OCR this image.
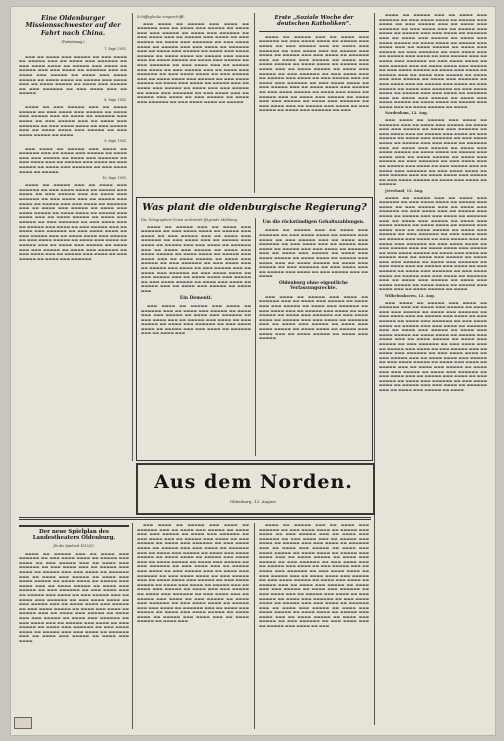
Eine Oldenburger Missionsschwester auf der Fahrt nach China.
(Fortsetzung.)
7. Sept. 1931.

▬▬▬ ▬▬ ▬▬▬▬ ▬▬▬ ▬▬▬▬▬ ▬▬ ▬▬▬ ▬▬▬▬ ▬▬ ▬▬▬▬▬ ▬▬▬ ▬▬ ▬▬▬▬ ▬▬▬ ▬▬▬▬▬▬ ▬▬ ▬▬▬ ▬▬▬▬ ▬▬▬▬ ▬▬ ▬▬▬▬▬ ▬▬▬ ▬▬▬▬ ▬▬ ▬▬▬▬▬ ▬▬▬ ▬▬▬ ▬▬▬▬ ▬▬ ▬▬▬▬▬▬ ▬▬▬ ▬▬ ▬▬▬▬ ▬▬▬ ▬▬▬▬▬ ▬▬ ▬▬▬▬ ▬▬▬ ▬▬▬▬ ▬▬▬▬▬ ▬▬ ▬▬▬▬ ▬▬▬▬ ▬▬ ▬▬▬▬▬ ▬▬▬ ▬▬▬▬ ▬▬▬ ▬▬ ▬▬▬▬ ▬▬▬▬▬ ▬▬ ▬▬▬▬ ▬▬▬ ▬▬▬▬▬ ▬▬ ▬▬▬ ▬▬▬▬▬▬ ▬▬ ▬▬▬ ▬▬▬▬ ▬▬▬ ▬▬ ▬▬▬▬▬

8. Sept. 1931.

▬▬▬▬ ▬▬ ▬▬▬ ▬▬▬▬▬ ▬▬▬ ▬▬ ▬▬▬▬ ▬▬▬▬▬ ▬▬ ▬▬▬ ▬▬▬▬ ▬▬▬ ▬▬▬▬▬ ▬▬ ▬▬▬▬ ▬▬▬ ▬▬▬▬▬ ▬▬▬ ▬▬ ▬▬▬▬ ▬▬ ▬▬▬▬▬▬ ▬▬▬ ▬▬▬▬ ▬▬ ▬▬▬ ▬▬▬▬▬ ▬▬▬ ▬▬ ▬▬▬▬ ▬▬▬ ▬▬▬▬▬▬ ▬▬ ▬▬▬ ▬▬▬▬ ▬▬▬▬ ▬▬ ▬▬▬ ▬▬▬▬▬ ▬▬▬ ▬▬ ▬▬▬▬ ▬▬▬▬ ▬▬▬ ▬▬▬▬▬ ▬▬ ▬▬▬ ▬▬▬▬ ▬▬▬▬▬ ▬▬ ▬▬▬▬

9. Sept. 1931.

▬▬▬ ▬▬▬▬ ▬▬ ▬▬▬▬▬ ▬▬▬ ▬▬▬▬ ▬▬ ▬▬▬▬▬▬ ▬▬▬ ▬▬ ▬▬▬▬ ▬▬▬ ▬▬▬▬▬ ▬▬ ▬▬▬▬ ▬▬▬ ▬▬▬ ▬▬▬▬▬ ▬▬ ▬▬▬▬ ▬▬▬ ▬▬▬▬▬▬ ▬▬ ▬▬▬ ▬▬▬▬ ▬▬▬ ▬▬ ▬▬▬▬▬ ▬▬▬ ▬▬▬▬ ▬▬ ▬▬▬ ▬▬▬▬▬ ▬▬ ▬▬▬▬ ▬▬▬ ▬▬▬▬▬▬ ▬▬ ▬▬▬ ▬▬▬▬ ▬▬▬▬ ▬▬ ▬▬▬▬▬

10. Sept. 1931.

▬▬▬▬ ▬▬ ▬▬▬▬▬ ▬▬▬ ▬▬ ▬▬▬▬ ▬▬▬ ▬▬▬▬▬▬ ▬▬ ▬▬▬ ▬▬▬▬ ▬▬▬▬ ▬▬ ▬▬▬▬▬ ▬▬▬ ▬▬▬▬ ▬▬ ▬▬▬ ▬▬▬▬▬ ▬▬▬ ▬▬ ▬▬▬▬ ▬▬▬ ▬▬▬▬▬▬ ▬▬ ▬▬▬ ▬▬▬▬ ▬▬▬ ▬▬ ▬▬▬▬▬ ▬▬▬ ▬▬▬▬ ▬▬ ▬▬▬▬▬ ▬▬▬ ▬▬▬ ▬▬▬▬ ▬▬ ▬▬▬▬▬▬ ▬▬▬ ▬▬ ▬▬▬▬ ▬▬▬ ▬▬▬▬▬ ▬▬ ▬▬▬▬ ▬▬▬ ▬▬▬▬ ▬▬▬▬▬ ▬▬ ▬▬▬▬ ▬▬▬▬ ▬▬ ▬▬▬▬▬ ▬▬▬ ▬▬▬▬ ▬▬▬ ▬▬ ▬▬▬▬ ▬▬▬▬▬ ▬▬ ▬▬▬▬ ▬▬▬ ▬▬▬▬▬ ▬▬ ▬▬▬ ▬▬▬▬▬▬ ▬▬ ▬▬▬ ▬▬▬▬ ▬▬▬ ▬▬ ▬▬▬▬▬ ▬▬▬ ▬▬▬▬ ▬▬ ▬▬▬ ▬▬▬▬▬ ▬▬▬ ▬▬ ▬▬▬▬ ▬▬▬ ▬▬▬▬▬▬ ▬▬ ▬▬▬ ▬▬▬▬ ▬▬▬▬ ▬▬ ▬▬▬ ▬▬▬▬▬ ▬▬▬ ▬▬ ▬▬▬▬ ▬▬▬▬ ▬▬▬ ▬▬▬▬▬ ▬▬ ▬▬▬ ▬▬▬▬ ▬▬▬▬▬ ▬▬ ▬▬▬▬ ▬▬▬ ▬▬▬▬ ▬▬ ▬▬▬▬▬ ▬▬▬ ▬▬ ▬▬▬▬ ▬▬▬ ▬▬▬▬▬ ▬▬ ▬▬▬▬ ▬▬▬ ▬▬▬ ▬▬▬▬▬ ▬▬ ▬▬▬▬ ▬▬▬ ▬▬▬▬▬▬ ▬▬ ▬▬▬ ▬▬▬▬ ▬▬▬ ▬▬ ▬▬▬▬▬ ▬▬▬ ▬▬▬▬ ▬▬ ▬▬▬ ▬▬▬▬▬ ▬▬ ▬▬▬▬ ▬▬▬ ▬▬▬▬▬▬

Schiffsglocke eingeschifft.

▬▬▬ ▬▬▬▬ ▬▬ ▬▬▬▬▬ ▬▬▬ ▬▬▬▬ ▬▬ ▬▬▬▬▬▬ ▬▬▬ ▬▬ ▬▬▬▬ ▬▬▬ ▬▬▬▬▬ ▬▬ ▬▬▬▬ ▬▬▬ ▬▬▬ ▬▬▬▬▬ ▬▬ ▬▬▬▬ ▬▬▬ ▬▬▬▬▬▬ ▬▬ ▬▬▬ ▬▬▬▬ ▬▬▬ ▬▬ ▬▬▬▬▬ ▬▬▬ ▬▬▬▬ ▬▬ ▬▬▬ ▬▬▬▬▬ ▬▬ ▬▬▬▬ ▬▬▬ ▬▬▬▬▬▬ ▬▬ ▬▬▬ ▬▬▬▬ ▬▬▬▬ ▬▬ ▬▬▬▬▬ ▬▬▬ ▬▬▬ ▬▬▬▬ ▬▬ ▬▬▬▬▬▬ ▬▬▬ ▬▬ ▬▬▬▬ ▬▬▬ ▬▬▬▬▬ ▬▬ ▬▬▬▬ ▬▬▬ ▬▬▬▬ ▬▬▬▬▬ ▬▬ ▬▬▬▬ ▬▬▬▬ ▬▬ ▬▬▬▬▬ ▬▬▬ ▬▬▬▬ ▬▬▬ ▬▬ ▬▬▬▬ ▬▬▬▬▬ ▬▬ ▬▬▬▬ ▬▬▬ ▬▬▬▬▬ ▬▬ ▬▬▬ ▬▬▬▬▬▬ ▬▬ ▬▬▬ ▬▬▬▬ ▬▬▬ ▬▬ ▬▬▬▬▬ ▬▬▬ ▬▬▬▬ ▬▬ ▬▬▬ ▬▬▬▬▬ ▬▬▬ ▬▬ ▬▬▬▬ ▬▬▬ ▬▬▬▬▬▬ ▬▬ ▬▬▬ ▬▬▬▬ ▬▬▬▬ ▬▬ ▬▬▬ ▬▬▬▬▬ ▬▬▬ ▬▬ ▬▬▬▬ ▬▬▬▬ ▬▬▬ ▬▬▬▬▬ ▬▬ ▬▬▬ ▬▬▬▬ ▬▬▬▬▬ ▬▬ ▬▬▬▬ ▬▬▬ ▬▬▬▬ ▬▬ ▬▬▬▬▬ ▬▬▬ ▬▬ ▬▬▬▬ ▬▬▬ ▬▬▬▬▬ ▬▬ ▬▬▬▬ ▬▬▬ ▬▬▬ ▬▬▬▬▬ ▬▬ ▬▬▬▬ ▬▬▬ ▬▬▬▬▬▬ ▬▬ ▬▬▬ ▬▬▬▬ ▬▬▬ ▬▬ ▬▬▬▬▬ ▬▬▬ ▬▬▬▬ ▬▬ ▬▬▬ ▬▬▬▬▬ ▬▬ ▬▬▬▬ ▬▬▬ ▬▬▬▬▬▬ ▬▬ ▬▬▬ ▬▬▬▬ ▬▬▬▬ ▬▬ ▬▬▬▬▬

Erste „Soziale Woche der deutschen Katholiken“.

▬▬▬▬ ▬▬ ▬▬▬▬▬ ▬▬▬ ▬▬ ▬▬▬▬ ▬▬▬ ▬▬▬▬▬▬ ▬▬ ▬▬▬ ▬▬▬▬ ▬▬▬▬ ▬▬ ▬▬▬▬▬ ▬▬▬ ▬▬▬▬ ▬▬ ▬▬▬ ▬▬▬▬▬ ▬▬▬ ▬▬ ▬▬▬▬ ▬▬▬ ▬▬▬▬▬▬ ▬▬ ▬▬▬ ▬▬▬▬ ▬▬▬ ▬▬ ▬▬▬▬▬ ▬▬▬ ▬▬▬▬ ▬▬ ▬▬▬▬▬ ▬▬▬ ▬▬▬ ▬▬▬▬ ▬▬ ▬▬▬▬▬▬ ▬▬▬ ▬▬ ▬▬▬▬ ▬▬▬ ▬▬▬▬▬ ▬▬ ▬▬▬▬ ▬▬▬ ▬▬▬▬ ▬▬▬▬▬ ▬▬ ▬▬▬▬ ▬▬▬▬ ▬▬ ▬▬▬▬▬ ▬▬▬ ▬▬▬▬ ▬▬▬ ▬▬ ▬▬▬▬ ▬▬▬▬▬ ▬▬ ▬▬▬▬ ▬▬▬ ▬▬▬▬▬ ▬▬ ▬▬▬ ▬▬▬▬▬▬ ▬▬ ▬▬▬ ▬▬▬▬ ▬▬▬ ▬▬ ▬▬▬▬▬ ▬▬▬ ▬▬▬▬ ▬▬ ▬▬▬ ▬▬▬▬▬ ▬▬▬ ▬▬ ▬▬▬▬ ▬▬▬ ▬▬▬▬▬▬ ▬▬ ▬▬▬ ▬▬▬▬ ▬▬▬▬ ▬▬ ▬▬▬ ▬▬▬▬▬ ▬▬▬ ▬▬ ▬▬▬▬ ▬▬▬▬ ▬▬▬ ▬▬▬▬▬ ▬▬ ▬▬▬ ▬▬▬▬ ▬▬▬▬▬ ▬▬ ▬▬▬▬ ▬▬▬ ▬▬▬▬ ▬▬ ▬▬▬▬▬ ▬▬▬ ▬▬ ▬▬▬▬ ▬▬▬ ▬▬▬▬▬ ▬▬ ▬▬▬▬ ▬▬▬ ▬▬▬ ▬▬▬▬▬ ▬▬ ▬▬▬▬ ▬▬▬ ▬▬▬▬▬▬ ▬▬ ▬▬▬ ▬▬▬▬ ▬▬▬ ▬▬ ▬▬▬▬▬ ▬▬▬ ▬▬▬▬ ▬▬ ▬▬▬ ▬▬▬▬▬ ▬▬ ▬▬▬▬ ▬▬▬ ▬▬▬▬▬▬ ▬▬ ▬▬▬

Was plant die oldenburgische Regierung?

Die Telegraphen-Union verbreitet folgende Meldung:

▬▬▬▬ ▬▬ ▬▬▬▬▬ ▬▬▬ ▬▬ ▬▬▬▬ ▬▬▬ ▬▬▬▬▬▬ ▬▬ ▬▬▬ ▬▬▬▬ ▬▬▬▬ ▬▬ ▬▬▬▬▬ ▬▬▬ ▬▬▬▬ ▬▬ ▬▬▬ ▬▬▬▬▬ ▬▬▬ ▬▬ ▬▬▬▬ ▬▬▬ ▬▬▬▬▬▬ ▬▬ ▬▬▬ ▬▬▬▬ ▬▬▬ ▬▬ ▬▬▬▬▬ ▬▬▬ ▬▬▬▬ ▬▬ ▬▬▬▬▬ ▬▬▬ ▬▬▬ ▬▬▬▬ ▬▬ ▬▬▬▬▬▬ ▬▬▬ ▬▬ ▬▬▬▬ ▬▬▬ ▬▬▬▬▬ ▬▬ ▬▬▬▬ ▬▬▬ ▬▬▬▬ ▬▬▬▬▬ ▬▬ ▬▬▬▬ ▬▬▬▬ ▬▬ ▬▬▬▬▬ ▬▬▬ ▬▬▬▬ ▬▬▬ ▬▬ ▬▬▬▬ ▬▬▬▬▬ ▬▬ ▬▬▬▬ ▬▬▬ ▬▬▬▬▬ ▬▬ ▬▬▬ ▬▬▬▬▬▬ ▬▬ ▬▬▬ ▬▬▬▬ ▬▬▬ ▬▬ ▬▬▬▬▬ ▬▬▬ ▬▬▬▬ ▬▬ ▬▬▬ ▬▬▬▬▬ ▬▬▬ ▬▬ ▬▬▬▬ ▬▬▬ ▬▬▬▬▬▬ ▬▬ ▬▬▬ ▬▬▬▬ ▬▬▬▬ ▬▬ ▬▬▬ ▬▬▬▬▬ ▬▬▬ ▬▬ ▬▬▬▬ ▬▬▬▬ ▬▬▬ ▬▬▬▬▬ ▬▬ ▬▬▬ ▬▬▬▬ ▬▬▬▬▬ ▬▬ ▬▬▬▬ ▬▬▬ ▬▬▬▬ ▬▬ ▬▬▬▬▬ ▬▬▬ ▬▬ ▬▬▬▬ ▬▬▬ ▬▬▬▬▬ ▬▬ ▬▬▬▬ ▬▬▬

Ein Dementi.

▬▬▬ ▬▬▬▬ ▬▬ ▬▬▬▬▬ ▬▬▬ ▬▬▬▬ ▬▬ ▬▬▬▬▬▬ ▬▬▬ ▬▬ ▬▬▬▬ ▬▬▬ ▬▬▬▬▬ ▬▬ ▬▬▬▬ ▬▬▬ ▬▬▬ ▬▬▬▬▬ ▬▬ ▬▬▬▬ ▬▬▬ ▬▬▬▬▬▬ ▬▬ ▬▬▬ ▬▬▬▬ ▬▬▬ ▬▬ ▬▬▬▬▬ ▬▬▬ ▬▬▬▬ ▬▬ ▬▬▬ ▬▬▬▬▬ ▬▬ ▬▬▬▬ ▬▬▬ ▬▬▬▬▬▬ ▬▬ ▬▬▬ ▬▬▬▬ ▬▬▬▬ ▬▬ ▬▬▬▬▬ ▬▬▬ ▬▬▬ ▬▬▬▬ ▬▬ ▬▬▬▬▬▬ ▬▬▬ ▬▬ ▬▬▬▬ ▬▬▬

Um die rückständigen Gehaltszahlungen.

▬▬▬▬ ▬▬ ▬▬▬▬▬ ▬▬▬ ▬▬ ▬▬▬▬ ▬▬▬ ▬▬▬▬▬▬ ▬▬ ▬▬▬ ▬▬▬▬ ▬▬▬▬ ▬▬ ▬▬▬▬▬ ▬▬▬ ▬▬▬▬ ▬▬ ▬▬▬ ▬▬▬▬▬ ▬▬▬ ▬▬ ▬▬▬▬ ▬▬▬ ▬▬▬▬▬▬ ▬▬ ▬▬▬ ▬▬▬▬ ▬▬▬ ▬▬ ▬▬▬▬▬ ▬▬▬ ▬▬▬▬ ▬▬ ▬▬▬▬▬ ▬▬▬ ▬▬▬ ▬▬▬▬ ▬▬ ▬▬▬▬▬▬ ▬▬▬ ▬▬ ▬▬▬▬ ▬▬▬ ▬▬▬▬▬ ▬▬ ▬▬▬▬ ▬▬▬ ▬▬▬▬ ▬▬▬▬▬ ▬▬ ▬▬▬▬ ▬▬▬▬ ▬▬ ▬▬▬▬▬ ▬▬▬ ▬▬▬▬ ▬▬▬ ▬▬ ▬▬▬▬ ▬▬▬▬▬ ▬▬ ▬▬▬▬ ▬▬▬ ▬▬▬▬▬ ▬▬ ▬▬▬ ▬▬▬▬▬▬ ▬▬ ▬▬▬ ▬▬▬▬ ▬▬▬ ▬▬ ▬▬▬▬▬ ▬▬▬ ▬▬▬▬ ▬▬ ▬▬▬ ▬▬▬▬▬ ▬▬▬ ▬▬ ▬▬▬▬

Oldenburg ohne eigentliche Verfassungsrechte.

▬▬▬ ▬▬▬▬ ▬▬ ▬▬▬▬▬ ▬▬▬ ▬▬▬▬ ▬▬ ▬▬▬▬▬▬ ▬▬▬ ▬▬ ▬▬▬▬ ▬▬▬ ▬▬▬▬▬ ▬▬ ▬▬▬▬ ▬▬▬ ▬▬▬ ▬▬▬▬▬ ▬▬ ▬▬▬▬ ▬▬▬ ▬▬▬▬▬▬ ▬▬ ▬▬▬ ▬▬▬▬ ▬▬▬ ▬▬ ▬▬▬▬▬ ▬▬▬ ▬▬▬▬ ▬▬ ▬▬▬ ▬▬▬▬▬ ▬▬ ▬▬▬▬ ▬▬▬ ▬▬▬▬▬▬ ▬▬ ▬▬▬ ▬▬▬▬ ▬▬▬▬ ▬▬ ▬▬▬▬▬ ▬▬▬ ▬▬▬ ▬▬▬▬ ▬▬ ▬▬▬▬▬▬ ▬▬▬ ▬▬ ▬▬▬▬ ▬▬▬ ▬▬▬▬▬ ▬▬ ▬▬▬▬ ▬▬▬ ▬▬▬▬ ▬▬▬▬▬ ▬▬ ▬▬▬▬ ▬▬▬▬ ▬▬ ▬▬▬▬▬ ▬▬▬ ▬▬▬▬ ▬▬▬ ▬▬ ▬▬▬▬ ▬▬▬▬▬ ▬▬ ▬▬▬▬ ▬▬▬ ▬▬▬▬▬

Aus dem Norden.
Oldenburg, 13. August.
Der neue Spielplan des Landestheaters Oldenburg.
für die Spielzeit 1932/33.

▬▬▬▬ ▬▬ ▬▬▬▬▬ ▬▬▬ ▬▬ ▬▬▬▬ ▬▬▬ ▬▬▬▬▬▬ ▬▬ ▬▬▬ ▬▬▬▬ ▬▬▬▬ ▬▬ ▬▬▬▬▬ ▬▬▬ ▬▬▬▬ ▬▬ ▬▬▬ ▬▬▬▬▬ ▬▬▬ ▬▬ ▬▬▬▬ ▬▬▬ ▬▬▬▬▬▬ ▬▬ ▬▬▬ ▬▬▬▬ ▬▬▬ ▬▬ ▬▬▬▬▬ ▬▬▬ ▬▬▬▬ ▬▬ ▬▬▬▬▬ ▬▬▬ ▬▬▬ ▬▬▬▬ ▬▬ ▬▬▬▬▬▬ ▬▬▬ ▬▬ ▬▬▬▬ ▬▬▬ ▬▬▬▬▬ ▬▬ ▬▬▬▬ ▬▬▬ ▬▬▬▬ ▬▬▬▬▬ ▬▬ ▬▬▬▬ ▬▬▬▬ ▬▬ ▬▬▬▬▬ ▬▬▬ ▬▬▬▬ ▬▬▬ ▬▬ ▬▬▬▬ ▬▬▬▬▬ ▬▬ ▬▬▬▬ ▬▬▬ ▬▬▬▬▬ ▬▬ ▬▬▬ ▬▬▬▬▬▬ ▬▬ ▬▬▬ ▬▬▬▬ ▬▬▬ ▬▬ ▬▬▬▬▬ ▬▬▬ ▬▬▬▬ ▬▬ ▬▬▬ ▬▬▬▬▬ ▬▬▬ ▬▬ ▬▬▬▬ ▬▬▬ ▬▬▬▬▬▬ ▬▬ ▬▬▬ ▬▬▬▬ ▬▬▬▬ ▬▬ ▬▬▬ ▬▬▬▬▬ ▬▬▬ ▬▬ ▬▬▬▬ ▬▬▬▬ ▬▬▬ ▬▬▬▬▬ ▬▬ ▬▬▬ ▬▬▬▬ ▬▬▬▬▬ ▬▬ ▬▬▬▬ ▬▬▬ ▬▬▬▬ ▬▬ ▬▬▬▬▬ ▬▬▬ ▬▬ ▬▬▬▬ ▬▬▬ ▬▬▬▬▬ ▬▬ ▬▬▬▬ ▬▬▬ ▬▬▬ ▬▬▬▬▬ ▬▬ ▬▬▬▬ ▬▬▬ ▬▬▬▬▬▬ ▬▬ ▬▬▬ ▬▬▬▬ ▬▬▬ ▬▬ ▬▬▬▬▬ ▬▬▬ ▬▬▬▬ ▬▬ ▬▬▬ ▬▬▬▬▬ ▬▬ ▬▬▬▬ ▬▬▬ ▬▬▬▬▬▬ ▬▬ ▬▬▬ ▬▬▬▬ ▬▬▬▬ ▬▬ ▬▬▬▬▬ ▬▬▬ ▬▬▬ ▬▬▬▬ ▬▬ ▬▬▬▬▬▬ ▬▬▬ ▬▬ ▬▬▬▬ ▬▬▬ ▬▬▬▬▬ ▬▬ ▬▬▬▬ ▬▬▬ ▬▬▬▬

▬▬▬ ▬▬▬▬ ▬▬ ▬▬▬▬▬ ▬▬▬ ▬▬▬▬ ▬▬ ▬▬▬▬▬▬ ▬▬▬ ▬▬ ▬▬▬▬ ▬▬▬ ▬▬▬▬▬ ▬▬ ▬▬▬▬ ▬▬▬ ▬▬▬ ▬▬▬▬▬ ▬▬ ▬▬▬▬ ▬▬▬ ▬▬▬▬▬▬ ▬▬ ▬▬▬ ▬▬▬▬ ▬▬▬ ▬▬ ▬▬▬▬▬ ▬▬▬ ▬▬▬▬ ▬▬ ▬▬▬ ▬▬▬▬▬ ▬▬ ▬▬▬▬ ▬▬▬ ▬▬▬▬▬▬ ▬▬ ▬▬▬ ▬▬▬▬ ▬▬▬▬ ▬▬ ▬▬▬▬▬ ▬▬▬ ▬▬▬ ▬▬▬▬ ▬▬ ▬▬▬▬▬▬ ▬▬▬ ▬▬ ▬▬▬▬ ▬▬▬ ▬▬▬▬▬ ▬▬ ▬▬▬▬ ▬▬▬ ▬▬▬▬ ▬▬▬▬▬ ▬▬ ▬▬▬▬ ▬▬▬▬ ▬▬ ▬▬▬▬▬ ▬▬▬ ▬▬▬▬ ▬▬▬ ▬▬ ▬▬▬▬ ▬▬▬▬▬ ▬▬ ▬▬▬▬ ▬▬▬ ▬▬▬▬▬ ▬▬ ▬▬▬ ▬▬▬▬▬▬ ▬▬ ▬▬▬ ▬▬▬▬ ▬▬▬ ▬▬ ▬▬▬▬▬ ▬▬▬ ▬▬▬▬ ▬▬ ▬▬▬ ▬▬▬▬▬ ▬▬▬ ▬▬ ▬▬▬▬ ▬▬▬ ▬▬▬▬▬▬ ▬▬ ▬▬▬ ▬▬▬▬ ▬▬▬▬ ▬▬ ▬▬▬ ▬▬▬▬▬ ▬▬▬ ▬▬ ▬▬▬▬ ▬▬▬▬ ▬▬▬ ▬▬▬▬▬ ▬▬ ▬▬▬ ▬▬▬▬ ▬▬▬▬▬ ▬▬ ▬▬▬▬ ▬▬▬ ▬▬▬▬ ▬▬ ▬▬▬▬▬ ▬▬▬ ▬▬ ▬▬▬▬ ▬▬▬ ▬▬▬▬▬ ▬▬ ▬▬▬▬ ▬▬▬ ▬▬▬ ▬▬▬▬▬ ▬▬ ▬▬▬▬ ▬▬▬ ▬▬▬▬▬▬ ▬▬ ▬▬▬ ▬▬▬▬ ▬▬▬ ▬▬ ▬▬▬▬▬ ▬▬▬ ▬▬▬▬ ▬▬ ▬▬▬ ▬▬▬▬▬ ▬▬ ▬▬▬▬ ▬▬▬ ▬▬▬▬▬▬ ▬▬ ▬▬▬ ▬▬▬▬ ▬▬▬▬ ▬▬ ▬▬▬▬▬ ▬▬▬ ▬▬▬ ▬▬▬▬ ▬▬ ▬▬▬▬▬▬ ▬▬▬ ▬▬ ▬▬▬▬ ▬▬▬ ▬▬▬▬▬ ▬▬ ▬▬▬▬ ▬▬▬ ▬▬▬▬ ▬▬▬▬▬ ▬▬ ▬▬▬▬ ▬▬▬▬ ▬▬ ▬▬▬▬▬ ▬▬▬ ▬▬▬▬ ▬▬▬ ▬▬ ▬▬▬▬ ▬▬▬▬▬ ▬▬ ▬▬▬▬ ▬▬▬

▬▬▬▬ ▬▬ ▬▬▬▬▬ ▬▬▬ ▬▬ ▬▬▬▬ ▬▬▬ ▬▬▬▬▬▬ ▬▬ ▬▬▬ ▬▬▬▬ ▬▬▬▬ ▬▬ ▬▬▬▬▬ ▬▬▬ ▬▬▬▬ ▬▬ ▬▬▬ ▬▬▬▬▬ ▬▬▬ ▬▬ ▬▬▬▬ ▬▬▬ ▬▬▬▬▬▬ ▬▬ ▬▬▬ ▬▬▬▬ ▬▬▬ ▬▬ ▬▬▬▬▬ ▬▬▬ ▬▬▬▬ ▬▬ ▬▬▬▬▬ ▬▬▬ ▬▬▬ ▬▬▬▬ ▬▬ ▬▬▬▬▬▬ ▬▬▬ ▬▬ ▬▬▬▬ ▬▬▬ ▬▬▬▬▬ ▬▬ ▬▬▬▬ ▬▬▬ ▬▬▬▬ ▬▬▬▬▬ ▬▬ ▬▬▬▬ ▬▬▬▬ ▬▬ ▬▬▬▬▬ ▬▬▬ ▬▬▬▬ ▬▬▬ ▬▬ ▬▬▬▬ ▬▬▬▬▬ ▬▬ ▬▬▬▬ ▬▬▬ ▬▬▬▬▬ ▬▬ ▬▬▬ ▬▬▬▬▬▬ ▬▬ ▬▬▬ ▬▬▬▬ ▬▬▬ ▬▬ ▬▬▬▬▬ ▬▬▬ ▬▬▬▬ ▬▬ ▬▬▬ ▬▬▬▬▬ ▬▬▬ ▬▬ ▬▬▬▬ ▬▬▬ ▬▬▬▬▬▬ ▬▬ ▬▬▬ ▬▬▬▬ ▬▬▬▬ ▬▬ ▬▬▬ ▬▬▬▬▬ ▬▬▬ ▬▬ ▬▬▬▬ ▬▬▬▬ ▬▬▬ ▬▬▬▬▬ ▬▬ ▬▬▬ ▬▬▬▬ ▬▬▬▬▬ ▬▬ ▬▬▬▬ ▬▬▬ ▬▬▬▬ ▬▬ ▬▬▬▬▬ ▬▬▬ ▬▬ ▬▬▬▬ ▬▬▬ ▬▬▬▬▬ ▬▬ ▬▬▬▬ ▬▬▬ ▬▬▬ ▬▬▬▬▬ ▬▬ ▬▬▬▬ ▬▬▬ ▬▬▬▬▬▬ ▬▬ ▬▬▬ ▬▬▬▬ ▬▬▬ ▬▬ ▬▬▬▬▬ ▬▬▬ ▬▬▬▬ ▬▬ ▬▬▬ ▬▬▬▬▬ ▬▬ ▬▬▬▬ ▬▬▬ ▬▬▬▬▬▬ ▬▬ ▬▬▬ ▬▬▬▬ ▬▬▬▬ ▬▬ ▬▬▬▬▬ ▬▬▬ ▬▬▬ ▬▬▬▬ ▬▬ ▬▬▬▬▬▬ ▬▬▬ ▬▬ ▬▬▬▬ ▬▬▬ ▬▬▬▬▬ ▬▬ ▬▬▬▬ ▬▬▬ ▬▬▬▬ ▬▬▬▬▬ ▬▬ ▬▬▬▬ ▬▬▬▬ ▬▬ ▬▬▬▬▬ ▬▬▬ ▬▬▬▬ ▬▬▬ ▬▬ ▬▬▬▬ ▬▬▬▬▬ ▬▬ ▬▬▬▬ ▬▬▬ ▬▬▬▬▬ ▬▬ ▬▬▬ ▬▬▬▬▬▬ ▬▬ ▬▬▬ ▬▬▬▬ ▬▬▬ ▬▬ ▬▬▬▬▬ ▬▬▬ ▬▬▬▬ ▬▬ ▬▬▬

▬▬▬▬ ▬▬ ▬▬▬▬▬ ▬▬▬ ▬▬ ▬▬▬▬ ▬▬▬ ▬▬▬▬▬▬ ▬▬ ▬▬▬ ▬▬▬▬ ▬▬▬▬ ▬▬ ▬▬▬▬▬ ▬▬▬ ▬▬▬▬ ▬▬ ▬▬▬ ▬▬▬▬▬ ▬▬▬ ▬▬ ▬▬▬▬ ▬▬▬ ▬▬▬▬▬▬ ▬▬ ▬▬▬ ▬▬▬▬ ▬▬▬ ▬▬ ▬▬▬▬▬ ▬▬▬ ▬▬▬▬ ▬▬ ▬▬▬▬▬ ▬▬▬ ▬▬▬ ▬▬▬▬ ▬▬ ▬▬▬▬▬▬ ▬▬▬ ▬▬ ▬▬▬▬ ▬▬▬ ▬▬▬▬▬ ▬▬ ▬▬▬▬ ▬▬▬ ▬▬▬▬ ▬▬▬▬▬ ▬▬ ▬▬▬▬ ▬▬▬▬ ▬▬ ▬▬▬▬▬ ▬▬▬ ▬▬▬▬ ▬▬▬ ▬▬ ▬▬▬▬ ▬▬▬▬▬ ▬▬ ▬▬▬▬ ▬▬▬ ▬▬▬▬▬ ▬▬ ▬▬▬ ▬▬▬▬▬▬ ▬▬ ▬▬▬ ▬▬▬▬ ▬▬▬ ▬▬ ▬▬▬▬▬ ▬▬▬ ▬▬▬▬ ▬▬ ▬▬▬ ▬▬▬▬▬ ▬▬▬ ▬▬ ▬▬▬▬ ▬▬▬ ▬▬▬▬▬▬ ▬▬ ▬▬▬ ▬▬▬▬ ▬▬▬▬ ▬▬ ▬▬▬ ▬▬▬▬▬ ▬▬▬ ▬▬ ▬▬▬▬ ▬▬▬▬ ▬▬▬ ▬▬▬▬▬ ▬▬ ▬▬▬ ▬▬▬▬ ▬▬▬▬▬ ▬▬ ▬▬▬▬ ▬▬▬ ▬▬▬▬ ▬▬ ▬▬▬▬▬ ▬▬▬ ▬▬ ▬▬▬▬ ▬▬▬ ▬▬▬▬▬ ▬▬ ▬▬▬▬ ▬▬▬ ▬▬▬ ▬▬▬▬▬ ▬▬ ▬▬▬▬ ▬▬▬ ▬▬▬▬▬▬ ▬▬ ▬▬▬ ▬▬▬▬ ▬▬▬ ▬▬ ▬▬▬▬▬ ▬▬▬ ▬▬▬▬ ▬▬ ▬▬▬ ▬▬▬▬▬ ▬▬ ▬▬▬▬ ▬▬▬ ▬▬▬▬▬▬ ▬▬ ▬▬▬ ▬▬▬▬ ▬▬▬▬ ▬▬ ▬▬▬▬▬ ▬▬▬ ▬▬▬ ▬▬▬▬ ▬▬ ▬▬▬▬▬▬ ▬▬▬ ▬▬ ▬▬▬▬ ▬▬▬ ▬▬▬▬▬ ▬▬ ▬▬▬▬ ▬▬▬ ▬▬▬▬ ▬▬▬▬▬ ▬▬ ▬▬▬▬ ▬▬▬▬ ▬▬ ▬▬▬▬▬ ▬▬▬ ▬▬▬▬ ▬▬▬ ▬▬ ▬▬▬▬ ▬▬▬▬▬ ▬▬ ▬▬▬▬

Nordenham, 12. Aug.

▬▬▬ ▬▬▬▬ ▬▬ ▬▬▬▬▬ ▬▬▬ ▬▬▬▬ ▬▬ ▬▬▬▬▬▬ ▬▬▬ ▬▬ ▬▬▬▬ ▬▬▬ ▬▬▬▬▬ ▬▬ ▬▬▬▬ ▬▬▬ ▬▬▬ ▬▬▬▬▬ ▬▬ ▬▬▬▬ ▬▬▬ ▬▬▬▬▬▬ ▬▬ ▬▬▬ ▬▬▬▬ ▬▬▬ ▬▬ ▬▬▬▬▬ ▬▬▬ ▬▬▬▬ ▬▬ ▬▬▬ ▬▬▬▬▬ ▬▬ ▬▬▬▬ ▬▬▬ ▬▬▬▬▬▬ ▬▬ ▬▬▬ ▬▬▬▬ ▬▬▬▬ ▬▬ ▬▬▬▬▬ ▬▬▬ ▬▬▬ ▬▬▬▬ ▬▬ ▬▬▬▬▬▬ ▬▬▬ ▬▬ ▬▬▬▬ ▬▬▬ ▬▬▬▬▬ ▬▬ ▬▬▬▬ ▬▬▬ ▬▬▬▬ ▬▬▬▬▬ ▬▬ ▬▬▬▬ ▬▬▬▬ ▬▬ ▬▬▬▬▬ ▬▬▬ ▬▬▬▬ ▬▬▬ ▬▬ ▬▬▬▬ ▬▬▬▬▬ ▬▬ ▬▬▬▬ ▬▬▬ ▬▬▬▬▬ ▬▬ ▬▬▬ ▬▬▬▬▬▬ ▬▬ ▬▬▬ ▬▬▬▬ ▬▬▬ ▬▬ ▬▬▬▬▬ ▬▬▬ ▬▬▬▬ ▬▬ ▬▬▬ ▬▬▬▬▬ ▬▬▬ ▬▬ ▬▬▬▬ ▬▬▬ ▬▬▬▬▬▬ ▬▬ ▬▬▬ ▬▬▬▬ ▬▬▬▬ ▬▬ ▬▬▬ ▬▬▬▬▬ ▬▬▬ ▬▬ ▬▬▬▬ ▬▬▬▬ ▬▬▬ ▬▬▬▬▬ ▬▬ ▬▬▬ ▬▬▬▬ ▬▬▬▬▬ ▬▬ ▬▬▬▬ ▬▬▬ ▬▬▬▬ ▬▬ ▬▬▬▬▬

Jeverland, 12. Aug.

▬▬▬▬ ▬▬ ▬▬▬▬▬ ▬▬▬ ▬▬ ▬▬▬▬ ▬▬▬ ▬▬▬▬▬▬ ▬▬ ▬▬▬ ▬▬▬▬ ▬▬▬▬ ▬▬ ▬▬▬▬▬ ▬▬▬ ▬▬▬▬ ▬▬ ▬▬▬ ▬▬▬▬▬ ▬▬▬ ▬▬ ▬▬▬▬ ▬▬▬ ▬▬▬▬▬▬ ▬▬ ▬▬▬ ▬▬▬▬ ▬▬▬ ▬▬ ▬▬▬▬▬ ▬▬▬ ▬▬▬▬ ▬▬ ▬▬▬▬▬ ▬▬▬ ▬▬▬ ▬▬▬▬ ▬▬ ▬▬▬▬▬▬ ▬▬▬ ▬▬ ▬▬▬▬ ▬▬▬ ▬▬▬▬▬ ▬▬ ▬▬▬▬ ▬▬▬ ▬▬▬▬ ▬▬▬▬▬ ▬▬ ▬▬▬▬ ▬▬▬▬ ▬▬ ▬▬▬▬▬ ▬▬▬ ▬▬▬▬ ▬▬▬ ▬▬ ▬▬▬▬ ▬▬▬▬▬ ▬▬ ▬▬▬▬ ▬▬▬ ▬▬▬▬▬ ▬▬ ▬▬▬ ▬▬▬▬▬▬ ▬▬ ▬▬▬ ▬▬▬▬ ▬▬▬ ▬▬ ▬▬▬▬▬ ▬▬▬ ▬▬▬▬ ▬▬ ▬▬▬ ▬▬▬▬▬ ▬▬▬ ▬▬ ▬▬▬▬ ▬▬▬ ▬▬▬▬▬▬ ▬▬ ▬▬▬ ▬▬▬▬ ▬▬▬▬ ▬▬ ▬▬▬ ▬▬▬▬▬ ▬▬▬ ▬▬ ▬▬▬▬ ▬▬▬▬ ▬▬▬ ▬▬▬▬▬ ▬▬ ▬▬▬ ▬▬▬▬ ▬▬▬▬▬ ▬▬ ▬▬▬▬ ▬▬▬ ▬▬▬▬ ▬▬ ▬▬▬▬▬ ▬▬▬ ▬▬ ▬▬▬▬ ▬▬▬ ▬▬▬▬▬ ▬▬ ▬▬▬▬ ▬▬▬ ▬▬▬ ▬▬▬▬▬ ▬▬ ▬▬▬▬ ▬▬▬ ▬▬▬▬▬▬ ▬▬ ▬▬▬ ▬▬▬▬ ▬▬▬ ▬▬ ▬▬▬▬▬ ▬▬▬ ▬▬▬▬ ▬▬ ▬▬▬ ▬▬▬▬▬ ▬▬ ▬▬▬▬ ▬▬▬ ▬▬▬▬▬▬ ▬▬ ▬▬▬ ▬▬▬▬ ▬▬▬▬ ▬▬ ▬▬▬▬▬ ▬▬▬ ▬▬▬ ▬▬▬▬ ▬▬ ▬▬▬▬▬▬ ▬▬▬ ▬▬ ▬▬▬▬ ▬▬▬ ▬▬▬▬▬ ▬▬ ▬▬▬▬ ▬▬▬ ▬▬▬▬ ▬▬▬▬▬ ▬▬ ▬▬▬▬ ▬▬▬▬ ▬▬ ▬▬▬▬▬ ▬▬▬ ▬▬▬▬ ▬▬▬ ▬▬ ▬▬▬▬ ▬▬▬▬▬ ▬▬ ▬▬▬▬

Wilhelmshaven, 12. Aug.

▬▬▬ ▬▬▬▬ ▬▬ ▬▬▬▬▬ ▬▬▬ ▬▬▬▬ ▬▬ ▬▬▬▬▬▬ ▬▬▬ ▬▬ ▬▬▬▬ ▬▬▬ ▬▬▬▬▬ ▬▬ ▬▬▬▬ ▬▬▬ ▬▬▬ ▬▬▬▬▬ ▬▬ ▬▬▬▬ ▬▬▬ ▬▬▬▬▬▬ ▬▬ ▬▬▬ ▬▬▬▬ ▬▬▬ ▬▬ ▬▬▬▬▬ ▬▬▬ ▬▬▬▬ ▬▬ ▬▬▬ ▬▬▬▬▬ ▬▬ ▬▬▬▬ ▬▬▬ ▬▬▬▬▬▬ ▬▬ ▬▬▬ ▬▬▬▬ ▬▬▬▬ ▬▬ ▬▬▬▬▬ ▬▬▬ ▬▬▬ ▬▬▬▬ ▬▬ ▬▬▬▬▬▬ ▬▬▬ ▬▬ ▬▬▬▬ ▬▬▬ ▬▬▬▬▬ ▬▬ ▬▬▬▬ ▬▬▬ ▬▬▬▬ ▬▬▬▬▬ ▬▬ ▬▬▬▬ ▬▬▬▬ ▬▬ ▬▬▬▬▬ ▬▬▬ ▬▬▬▬ ▬▬▬ ▬▬ ▬▬▬▬ ▬▬▬▬▬ ▬▬ ▬▬▬▬ ▬▬▬ ▬▬▬▬▬ ▬▬ ▬▬▬ ▬▬▬▬▬▬ ▬▬ ▬▬▬ ▬▬▬▬ ▬▬▬ ▬▬ ▬▬▬▬▬ ▬▬▬ ▬▬▬▬ ▬▬ ▬▬▬ ▬▬▬▬▬ ▬▬▬ ▬▬ ▬▬▬▬ ▬▬▬ ▬▬▬▬▬▬ ▬▬ ▬▬▬ ▬▬▬▬ ▬▬▬▬ ▬▬ ▬▬▬ ▬▬▬▬▬ ▬▬▬ ▬▬ ▬▬▬▬ ▬▬▬▬ ▬▬▬ ▬▬▬▬▬ ▬▬ ▬▬▬ ▬▬▬▬ ▬▬▬▬▬ ▬▬ ▬▬▬▬ ▬▬▬ ▬▬▬▬ ▬▬ ▬▬▬▬▬ ▬▬▬ ▬▬ ▬▬▬▬ ▬▬▬ ▬▬▬▬▬ ▬▬ ▬▬▬▬ ▬▬▬ ▬▬▬ ▬▬▬▬▬ ▬▬ ▬▬▬▬ ▬▬▬ ▬▬▬▬▬▬ ▬▬ ▬▬▬ ▬▬▬▬ ▬▬▬ ▬▬ ▬▬▬▬▬ ▬▬▬ ▬▬▬▬ ▬▬ ▬▬▬ ▬▬▬▬▬ ▬▬ ▬▬▬▬ ▬▬▬ ▬▬▬▬▬▬ ▬▬ ▬▬▬ ▬▬▬▬ ▬▬▬▬ ▬▬ ▬▬▬▬▬ ▬▬▬ ▬▬▬ ▬▬▬▬ ▬▬ ▬▬▬▬▬▬ ▬▬▬ ▬▬ ▬▬▬▬ ▬▬▬ ▬▬▬▬▬ ▬▬ ▬▬▬▬
